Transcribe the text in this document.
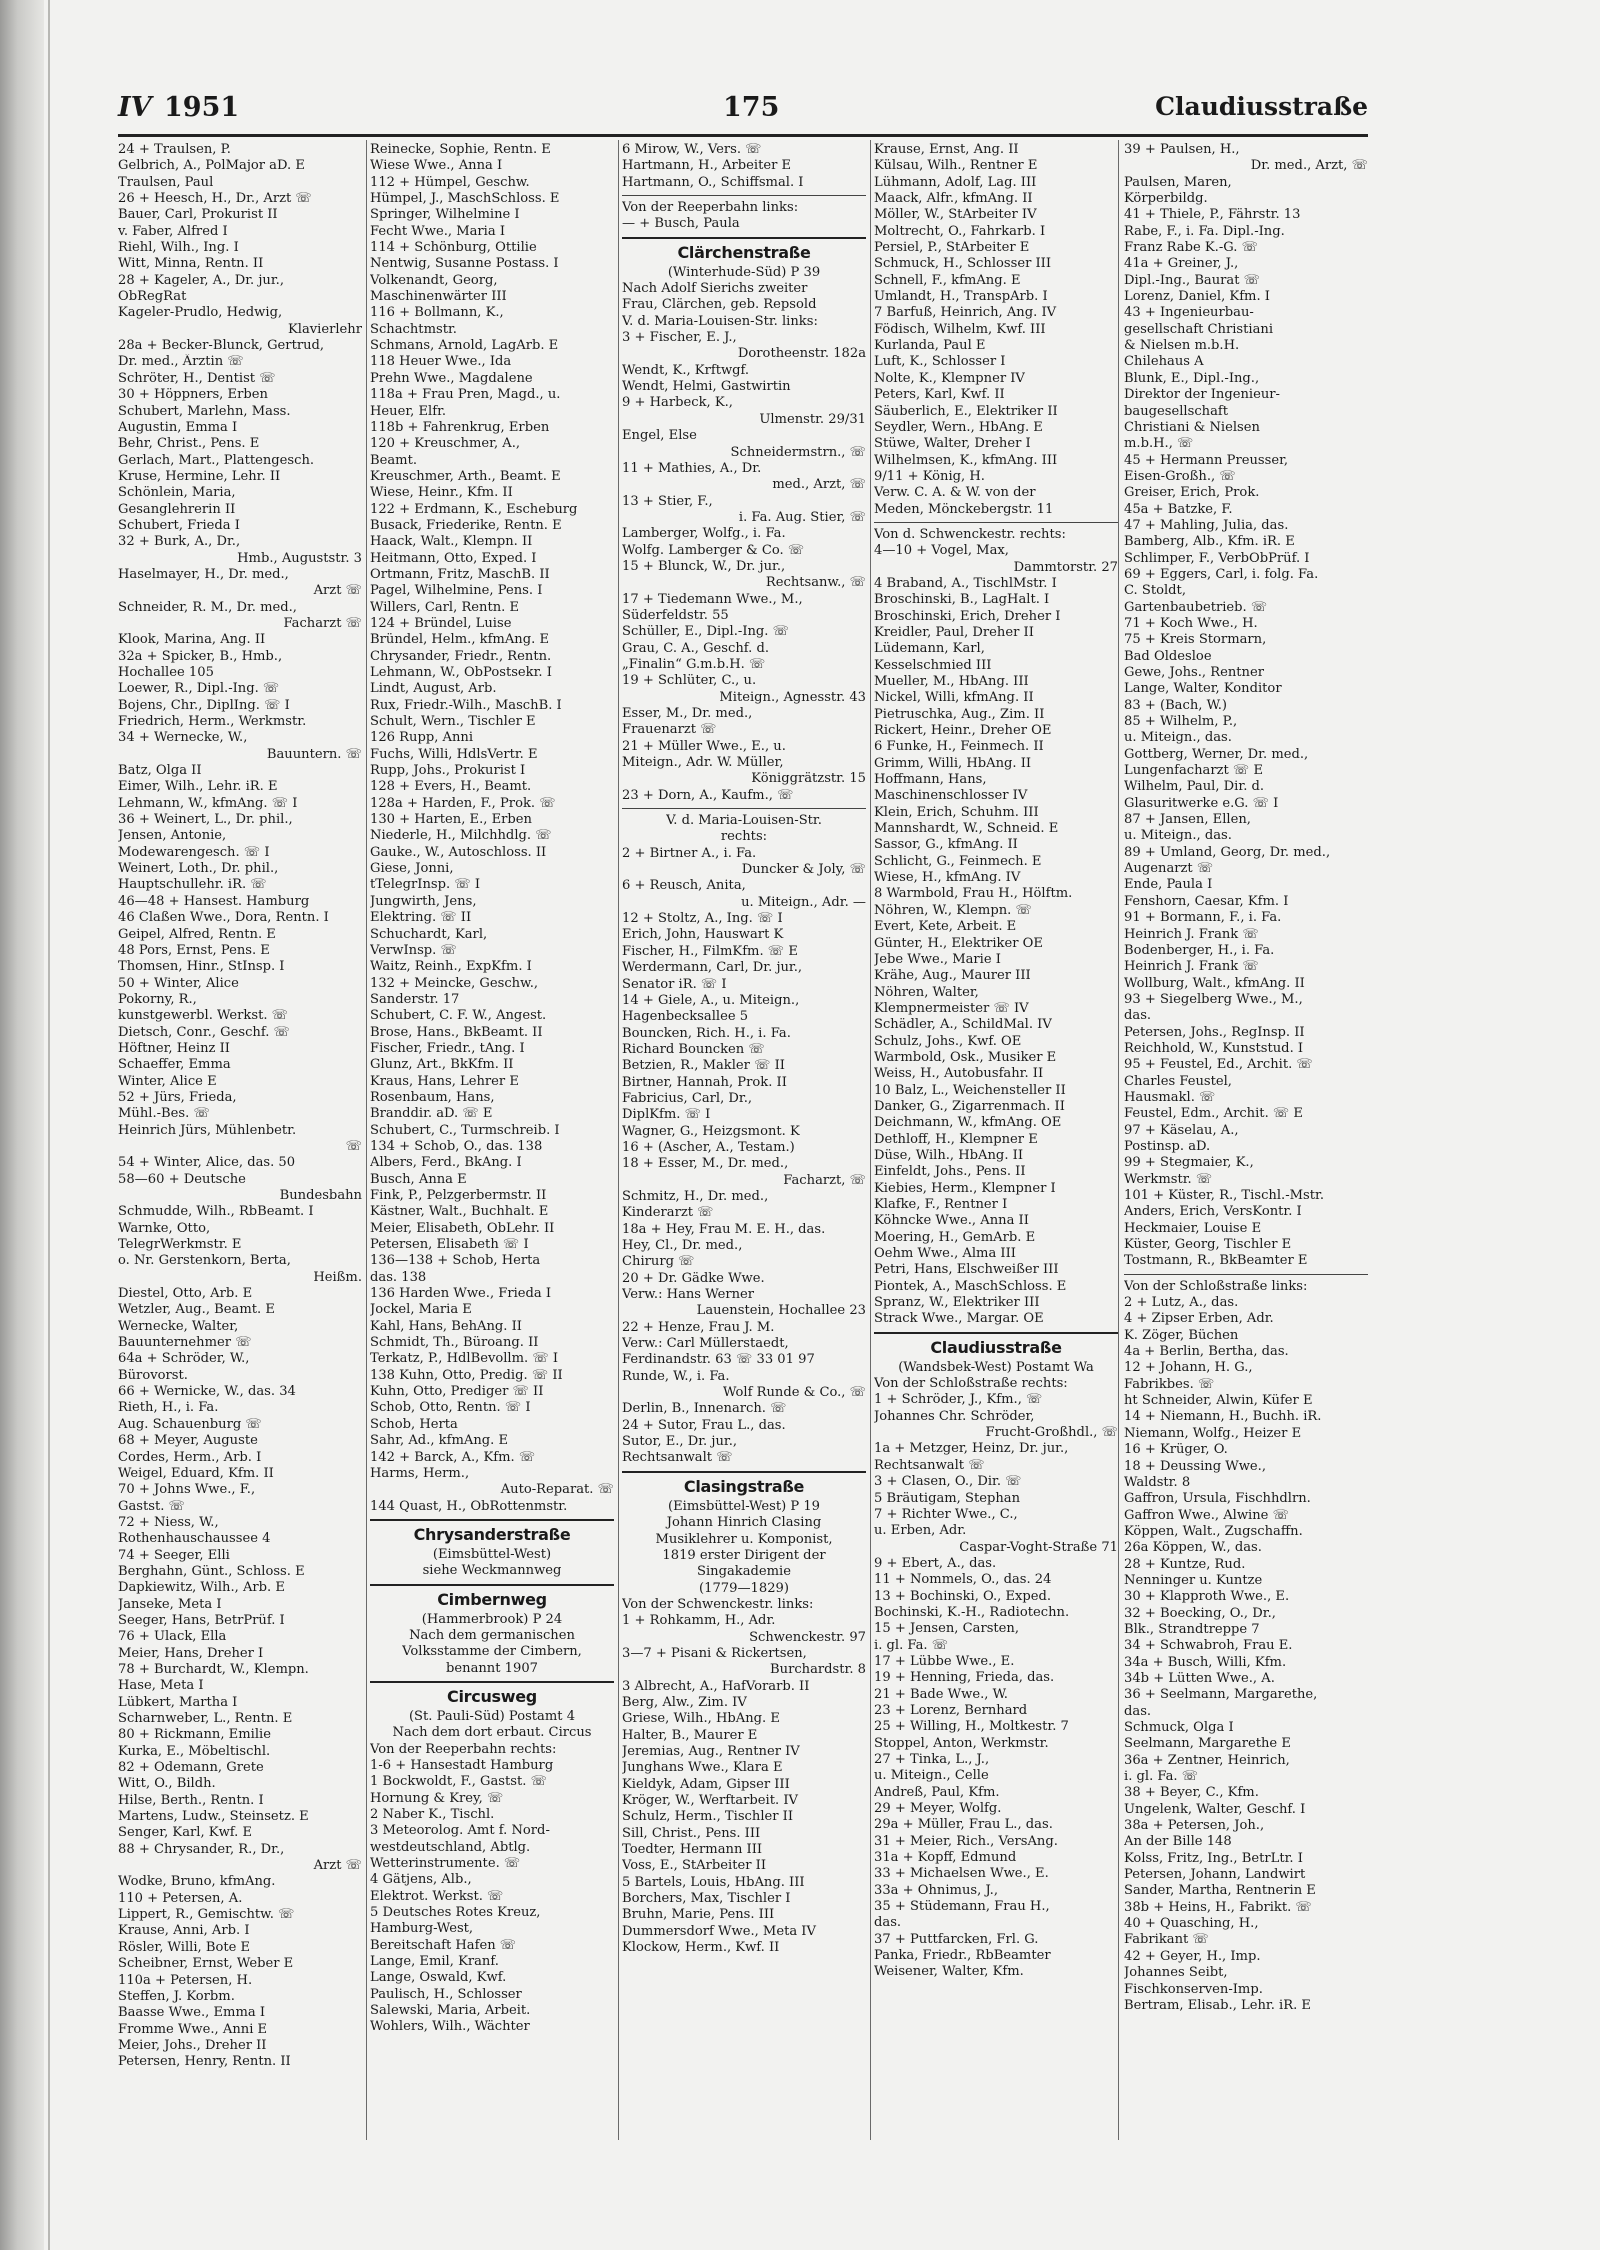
IV 1951	175	Claudiusstraße
24 + Traulsen, P.
Gelbrich, A., PolMajor aD. E
Traulsen, Paul
26 + Heesch, H., Dr., Arzt ☏
Bauer, Carl, Prokurist II
v. Faber, Alfred I
Riehl, Wilh., Ing. I
Witt, Minna, Rentn. II
28 + Kageler, A., Dr. jur.,
ObRegRat
Kageler-Prudlo, Hedwig,
Klavierlehr
28a + Becker-Blunck, Gertrud,
Dr. med., Ärztin ☏
Schröter, H., Dentist ☏
30 + Höppners, Erben
Schubert, Marlehn, Mass.
Augustin, Emma I
Behr, Christ., Pens. E
Gerlach, Mart., Plattengesch.
Kruse, Hermine, Lehr. II
Schönlein, Maria,
Gesanglehrerin II
Schubert, Frieda I
32 + Burk, A., Dr.,
Hmb., Auguststr. 3
Haselmayer, H., Dr. med.,
Arzt ☏
Schneider, R. M., Dr. med.,
Facharzt ☏
Klook, Marina, Ang. II
32a + Spicker, B., Hmb.,
Hochallee 105
Loewer, R., Dipl.-Ing. ☏
Bojens, Chr., DiplIng. ☏ I
Friedrich, Herm., Werkmstr.
34 + Wernecke, W.,
Bauuntern. ☏
Batz, Olga II
Eimer, Wilh., Lehr. iR. E
Lehmann, W., kfmAng. ☏ I
36 + Weinert, L., Dr. phil.,
Jensen, Antonie,
Modewarengesch. ☏ I
Weinert, Loth., Dr. phil.,
Hauptschullehr. iR. ☏
46—48 + Hansest. Hamburg
46 Claßen Wwe., Dora, Rentn. I
Geipel, Alfred, Rentn. E
48 Pors, Ernst, Pens. E
Thomsen, Hinr., StInsp. I
50 + Winter, Alice
Pokorny, R.,
kunstgewerbl. Werkst. ☏
Dietsch, Conr., Geschf. ☏
Höftner, Heinz II
Schaeffer, Emma
Winter, Alice E
52 + Jürs, Frieda,
Mühl.-Bes. ☏
Heinrich Jürs, Mühlenbetr.
☏
54 + Winter, Alice, das. 50
58—60 + Deutsche
Bundesbahn
Schmudde, Wilh., RbBeamt. I
Warnke, Otto,
TelegrWerkmstr. E
o. Nr. Gerstenkorn, Berta,
Heißm.
Diestel, Otto, Arb. E
Wetzler, Aug., Beamt. E
Wernecke, Walter,
Bauunternehmer ☏
64a + Schröder, W.,
Bürovorst.
66 + Wernicke, W., das. 34
Rieth, H., i. Fa.
Aug. Schauenburg ☏
68 + Meyer, Auguste
Cordes, Herm., Arb. I
Weigel, Eduard, Kfm. II
70 + Johns Wwe., F.,
Gastst. ☏
72 + Niess, W.,
Rothenhauschaussee 4
74 + Seeger, Elli
Berghahn, Günt., Schloss. E
Dapkiewitz, Wilh., Arb. E
Janseke, Meta I
Seeger, Hans, BetrPrüf. I
76 + Ulack, Ella
Meier, Hans, Dreher I
78 + Burchardt, W., Klempn.
Hase, Meta I
Lübkert, Martha I
Scharnweber, L., Rentn. E
80 + Rickmann, Emilie
Kurka, E., Möbeltischl.
82 + Odemann, Grete
Witt, O., Bildh.
Hilse, Berth., Rentn. I
Martens, Ludw., Steinsetz. E
Senger, Karl, Kwf. E
88 + Chrysander, R., Dr.,
Arzt ☏
Wodke, Bruno, kfmAng.
110 + Petersen, A.
Lippert, R., Gemischtw. ☏
Krause, Anni, Arb. I
Rösler, Willi, Bote E
Scheibner, Ernst, Weber E
110a + Petersen, H.
Steffen, J. Korbm.
Baasse Wwe., Emma I
Fromme Wwe., Anni E
Meier, Johs., Dreher II
Petersen, Henry, Rentn. II
Reinecke, Sophie, Rentn. E
Wiese Wwe., Anna I
112 + Hümpel, Geschw.
Hümpel, J., MaschSchloss. E
Springer, Wilhelmine I
Fecht Wwe., Maria I
114 + Schönburg, Ottilie
Nentwig, Susanne Postass. I
Volkenandt, Georg,
Maschinenwärter III
116 + Bollmann, K.,
Schachtmstr.
Schmans, Arnold, LagArb. E
118 Heuer Wwe., Ida
Prehn Wwe., Magdalene
118a + Frau Pren, Magd., u.
Heuer, Elfr.
118b + Fahrenkrug, Erben
120 + Kreuschmer, A.,
Beamt.
Kreuschmer, Arth., Beamt. E
Wiese, Heinr., Kfm. II
122 + Erdmann, K., Escheburg
Busack, Friederike, Rentn. E
Haack, Walt., Klempn. II
Heitmann, Otto, Exped. I
Ortmann, Fritz, MaschB. II
Pagel, Wilhelmine, Pens. I
Willers, Carl, Rentn. E
124 + Bründel, Luise
Bründel, Helm., kfmAng. E
Chrysander, Friedr., Rentn.
Lehmann, W., ObPostsekr. I
Lindt, August, Arb.
Rux, Friedr.-Wilh., MaschB. I
Schult, Wern., Tischler E
126 Rupp, Anni
Fuchs, Willi, HdlsVertr. E
Rupp, Johs., Prokurist I
128 + Evers, H., Beamt.
128a + Harden, F., Prok. ☏
130 + Harten, E., Erben
Niederle, H., Milchhdlg. ☏
Gauke., W., Autoschloss. II
Giese, Jonni,
tTelegrInsp. ☏ I
Jungwirth, Jens,
Elektring. ☏ II
Schuchardt, Karl,
VerwInsp. ☏
Waitz, Reinh., ExpKfm. I
132 + Meincke, Geschw.,
Sanderstr. 17
Schubert, C. F. W., Angest.
Brose, Hans., BkBeamt. II
Fischer, Friedr., tAng. I
Glunz, Art., BkKfm. II
Kraus, Hans, Lehrer E
Rosenbaum, Hans,
Branddir. aD. ☏ E
Schubert, C., Turmschreib. I
134 + Schob, O., das. 138
Albers, Ferd., BkAng. I
Busch, Anna E
Fink, P., Pelzgerbermstr. II
Kästner, Walt., Buchhalt. E
Meier, Elisabeth, ObLehr. II
Petersen, Elisabeth ☏ I
136—138 + Schob, Herta
das. 138
136 Harden Wwe., Frieda I
Jockel, Maria E
Kahl, Hans, BehAng. II
Schmidt, Th., Büroang. II
Terkatz, P., HdlBevollm. ☏ I
138 Kuhn, Otto, Predig. ☏ II
Kuhn, Otto, Prediger ☏ II
Schob, Otto, Rentn. ☏ I
Schob, Herta
Sahr, Ad., kfmAng. E
142 + Barck, A., Kfm. ☏
Harms, Herm.,
Auto-Reparat. ☏
144 Quast, H., ObRottenmstr.
Chrysanderstraße
(Eimsbüttel-West)
siehe Weckmannweg
Cimbernweg
(Hammerbrook) P 24
Nach dem germanischen
Volksstamme der Cimbern,
benannt 1907
Circusweg
(St. Pauli-Süd) Postamt 4
Nach dem dort erbaut. Circus
Von der Reeperbahn rechts:
1-6 + Hansestadt Hamburg
1 Bockwoldt, F., Gastst. ☏
Hornung & Krey, ☏
2 Naber K., Tischl.
3 Meteorolog. Amt f. Nord-
westdeutschland, Abtlg.
Wetterinstrumente. ☏
4 Gätjens, Alb.,
Elektrot. Werkst. ☏
5 Deutsches Rotes Kreuz,
Hamburg-West,
Bereitschaft Hafen ☏
Lange, Emil, Kranf.
Lange, Oswald, Kwf.
Paulisch, H., Schlosser
Salewski, Maria, Arbeit.
Wohlers, Wilh., Wächter
6 Mirow, W., Vers. ☏
Hartmann, H., Arbeiter E
Hartmann, O., Schiffsmal. I
Von der Reeperbahn links:
— + Busch, Paula
Clärchenstraße
(Winterhude-Süd) P 39
Nach Adolf Sierichs zweiter
Frau, Clärchen, geb. Repsold
V. d. Maria-Louisen-Str. links:
3 + Fischer, E. J.,
Dorotheenstr. 182a
Wendt, K., Krftwgf.
Wendt, Helmi, Gastwirtin
9 + Harbeck, K.,
Ulmenstr. 29/31
Engel, Else
Schneidermstrn., ☏
11 + Mathies, A., Dr.
med., Arzt, ☏
13 + Stier, F.,
i. Fa. Aug. Stier, ☏
Lamberger, Wolfg., i. Fa.
Wolfg. Lamberger & Co. ☏
15 + Blunck, W., Dr. jur.,
Rechtsanw., ☏
17 + Tiedemann Wwe., M.,
Süderfeldstr. 55
Schüller, E., Dipl.-Ing. ☏
Grau, C. A., Geschf. d.
„Finalin“ G.m.b.H. ☏
19 + Schlüter, C., u.
Miteign., Agnesstr. 43
Esser, M., Dr. med.,
Frauenarzt ☏
21 + Müller Wwe., E., u.
Miteign., Adr. W. Müller,
Königgrätzstr. 15
23 + Dorn, A., Kaufm., ☏
V. d. Maria-Louisen-Str.
rechts:
2 + Birtner A., i. Fa.
Duncker & Joly, ☏
6 + Reusch, Anita,
u. Miteign., Adr. —
12 + Stoltz, A., Ing. ☏ I
Erich, John, Hauswart K
Fischer, H., FilmKfm. ☏ E
Werdermann, Carl, Dr. jur.,
Senator iR. ☏ I
14 + Giele, A., u. Miteign.,
Hagenbecksallee 5
Bouncken, Rich. H., i. Fa.
Richard Bouncken ☏
Betzien, R., Makler ☏ II
Birtner, Hannah, Prok. II
Fabricius, Carl, Dr.,
DiplKfm. ☏ I
Wagner, G., Heizgsmont. K
16 + (Ascher, A., Testam.)
18 + Esser, M., Dr. med.,
Facharzt, ☏
Schmitz, H., Dr. med.,
Kinderarzt ☏
18a + Hey, Frau M. E. H., das.
Hey, Cl., Dr. med.,
Chirurg ☏
20 + Dr. Gädke Wwe.
Verw.: Hans Werner
Lauenstein, Hochallee 23
22 + Henze, Frau J. M.
Verw.: Carl Müllerstaedt,
Ferdinandstr. 63 ☏ 33 01 97
Runde, W., i. Fa.
Wolf Runde & Co., ☏
Derlin, B., Innenarch. ☏
24 + Sutor, Frau L., das.
Sutor, E., Dr. jur.,
Rechtsanwalt ☏
Clasingstraße
(Eimsbüttel-West) P 19
Johann Hinrich Clasing
Musiklehrer u. Komponist,
1819 erster Dirigent der
Singakademie
(1779—1829)
Von der Schwenckestr. links:
1 + Rohkamm, H., Adr.
Schwenckestr. 97
3—7 + Pisani & Rickertsen,
Burchardstr. 8
3 Albrecht, A., HafVorarb. II
Berg, Alw., Zim. IV
Griese, Wilh., HbAng. E
Halter, B., Maurer E
Jeremias, Aug., Rentner IV
Junghans Wwe., Klara E
Kieldyk, Adam, Gipser III
Kröger, W., Werftarbeit. IV
Schulz, Herm., Tischler II
Sill, Christ., Pens. III
Toedter, Hermann III
Voss, E., StArbeiter II
5 Bartels, Louis, HbAng. III
Borchers, Max, Tischler I
Bruhn, Marie, Pens. III
Dummersdorf Wwe., Meta IV
Klockow, Herm., Kwf. II
Krause, Ernst, Ang. II
Külsau, Wilh., Rentner E
Lühmann, Adolf, Lag. III
Maack, Alfr., kfmAng. II
Möller, W., StArbeiter IV
Moltrecht, O., Fahrkarb. I
Persiel, P., StArbeiter E
Schmuck, H., Schlosser III
Schnell, F., kfmAng. E
Umlandt, H., TranspArb. I
7 Barfuß, Heinrich, Ang. IV
Födisch, Wilhelm, Kwf. III
Kurlanda, Paul E
Luft, K., Schlosser I
Nolte, K., Klempner IV
Peters, Karl, Kwf. II
Säuberlich, E., Elektriker II
Seydler, Wern., HbAng. E
Stüwe, Walter, Dreher I
Wilhelmsen, K., kfmAng. III
9/11 + König, H.
Verw. C. A. & W. von der
Meden, Mönckebergstr. 11
Von d. Schwenckestr. rechts:
4—10 + Vogel, Max,
Dammtorstr. 27
4 Braband, A., TischlMstr. I
Broschinski, B., LagHalt. I
Broschinski, Erich, Dreher I
Kreidler, Paul, Dreher II
Lüdemann, Karl,
Kesselschmied III
Mueller, M., HbAng. III
Nickel, Willi, kfmAng. II
Pietruschka, Aug., Zim. II
Rickert, Heinr., Dreher OE
6 Funke, H., Feinmech. II
Grimm, Willi, HbAng. II
Hoffmann, Hans,
Maschinenschlosser IV
Klein, Erich, Schuhm. III
Mannshardt, W., Schneid. E
Sassor, G., kfmAng. II
Schlicht, G., Feinmech. E
Wiese, H., kfmAng. IV
8 Warmbold, Frau H., Hölftm.
Nöhren, W., Klempn. ☏
Evert, Kete, Arbeit. E
Günter, H., Elektriker OE
Jebe Wwe., Marie I
Krähe, Aug., Maurer III
Nöhren, Walter,
Klempnermeister ☏ IV
Schädler, A., SchildMal. IV
Schulz, Johs., Kwf. OE
Warmbold, Osk., Musiker E
Weiss, H., Autobusfahr. II
10 Balz, L., Weichensteller II
Danker, G., Zigarrenmach. II
Deichmann, W., kfmAng. OE
Dethloff, H., Klempner E
Düse, Wilh., HbAng. II
Einfeldt, Johs., Pens. II
Kiebies, Herm., Klempner I
Klafke, F., Rentner I
Köhncke Wwe., Anna II
Moering, H., GemArb. E
Oehm Wwe., Alma III
Petri, Hans, Elschweißer III
Piontek, A., MaschSchloss. E
Spranz, W., Elektriker III
Strack Wwe., Margar. OE
Claudiusstraße
(Wandsbek-West) Postamt Wa
Von der Schloßstraße rechts:
1 + Schröder, J., Kfm., ☏
Johannes Chr. Schröder,
Frucht-Großhdl., ☏
1a + Metzger, Heinz, Dr. jur.,
Rechtsanwalt ☏
3 + Clasen, O., Dir. ☏
5 Bräutigam, Stephan
7 + Richter Wwe., C.,
u. Erben, Adr.
Caspar-Voght-Straße 71
9 + Ebert, A., das.
11 + Nommels, O., das. 24
13 + Bochinski, O., Exped.
Bochinski, K.-H., Radiotechn.
15 + Jensen, Carsten,
i. gl. Fa. ☏
17 + Lübbe Wwe., E.
19 + Henning, Frieda, das.
21 + Bade Wwe., W.
23 + Lorenz, Bernhard
25 + Willing, H., Moltkestr. 7
Stoppel, Anton, Werkmstr.
27 + Tinka, L., J.,
u. Miteign., Celle
Andreß, Paul, Kfm.
29 + Meyer, Wolfg.
29a + Müller, Frau L., das.
31 + Meier, Rich., VersAng.
31a + Kopff, Edmund
33 + Michaelsen Wwe., E.
33a + Ohnimus, J.,
35 + Stüdemann, Frau H.,
das.
37 + Puttfarcken, Frl. G.
Panka, Friedr., RbBeamter
Weisener, Walter, Kfm.
39 + Paulsen, H.,
Dr. med., Arzt, ☏
Paulsen, Maren,
Körperbildg.
41 + Thiele, P., Fährstr. 13
Rabe, F., i. Fa. Dipl.-Ing.
Franz Rabe K.-G. ☏
41a + Greiner, J.,
Dipl.-Ing., Baurat ☏
Lorenz, Daniel, Kfm. I
43 + Ingenieurbau-
gesellschaft Christiani
& Nielsen m.b.H.
Chilehaus A
Blunk, E., Dipl.-Ing.,
Direktor der Ingenieur-
baugesellschaft
Christiani & Nielsen
m.b.H., ☏
45 + Hermann Preusser,
Eisen-Großh., ☏
Greiser, Erich, Prok.
45a + Batzke, F.
47 + Mahling, Julia, das.
Bamberg, Alb., Kfm. iR. E
Schlimper, F., VerbObPrüf. I
69 + Eggers, Carl, i. folg. Fa.
C. Stoldt,
Gartenbaubetrieb. ☏
71 + Koch Wwe., H.
75 + Kreis Stormarn,
Bad Oldesloe
Gewe, Johs., Rentner
Lange, Walter, Konditor
83 + (Bach, W.)
85 + Wilhelm, P.,
u. Miteign., das.
Gottberg, Werner, Dr. med.,
Lungenfacharzt ☏ E
Wilhelm, Paul, Dir. d.
Glasuritwerke e.G. ☏ I
87 + Jansen, Ellen,
u. Miteign., das.
89 + Umland, Georg, Dr. med.,
Augenarzt ☏
Ende, Paula I
Fenshorn, Caesar, Kfm. I
91 + Bormann, F., i. Fa.
Heinrich J. Frank ☏
Bodenberger, H., i. Fa.
Heinrich J. Frank ☏
Wollburg, Walt., kfmAng. II
93 + Siegelberg Wwe., M.,
das.
Petersen, Johs., RegInsp. II
Reichhold, W., Kunststud. I
95 + Feustel, Ed., Archit. ☏
Charles Feustel,
Hausmakl. ☏
Feustel, Edm., Archit. ☏ E
97 + Käselau, A.,
Postinsp. aD.
99 + Stegmaier, K.,
Werkmstr. ☏
101 + Küster, R., Tischl.-Mstr.
Anders, Erich, VersKontr. I
Heckmaier, Louise E
Küster, Georg, Tischler E
Tostmann, R., BkBeamter E
Von der Schloßstraße links:
2 + Lutz, A., das.
4 + Zipser Erben, Adr.
K. Zöger, Büchen
4a + Berlin, Bertha, das.
12 + Johann, H. G.,
Fabrikbes. ☏
ht Schneider, Alwin, Küfer E
14 + Niemann, H., Buchh. iR.
Niemann, Wolfg., Heizer E
16 + Krüger, O.
18 + Deussing Wwe.,
Waldstr. 8
Gaffron, Ursula, Fischhdlrn.
Gaffron Wwe., Alwine ☏
Köppen, Walt., Zugschaffn.
26a Köppen, W., das.
28 + Kuntze, Rud.
Nenninger u. Kuntze
30 + Klapproth Wwe., E.
32 + Boecking, O., Dr.,
Blk., Strandtreppe 7
34 + Schwabroh, Frau E.
34a + Busch, Willi, Kfm.
34b + Lütten Wwe., A.
36 + Seelmann, Margarethe,
das.
Schmuck, Olga I
Seelmann, Margarethe E
36a + Zentner, Heinrich,
i. gl. Fa. ☏
38 + Beyer, C., Kfm.
Ungelenk, Walter, Geschf. I
38a + Petersen, Joh.,
An der Bille 148
Kolss, Fritz, Ing., BetrLtr. I
Petersen, Johann, Landwirt
Sander, Martha, Rentnerin E
38b + Heins, H., Fabrikt. ☏
40 + Quasching, H.,
Fabrikant ☏
42 + Geyer, H., Imp.
Johannes Seibt,
Fischkonserven-Imp.
Bertram, Elisab., Lehr. iR. E
